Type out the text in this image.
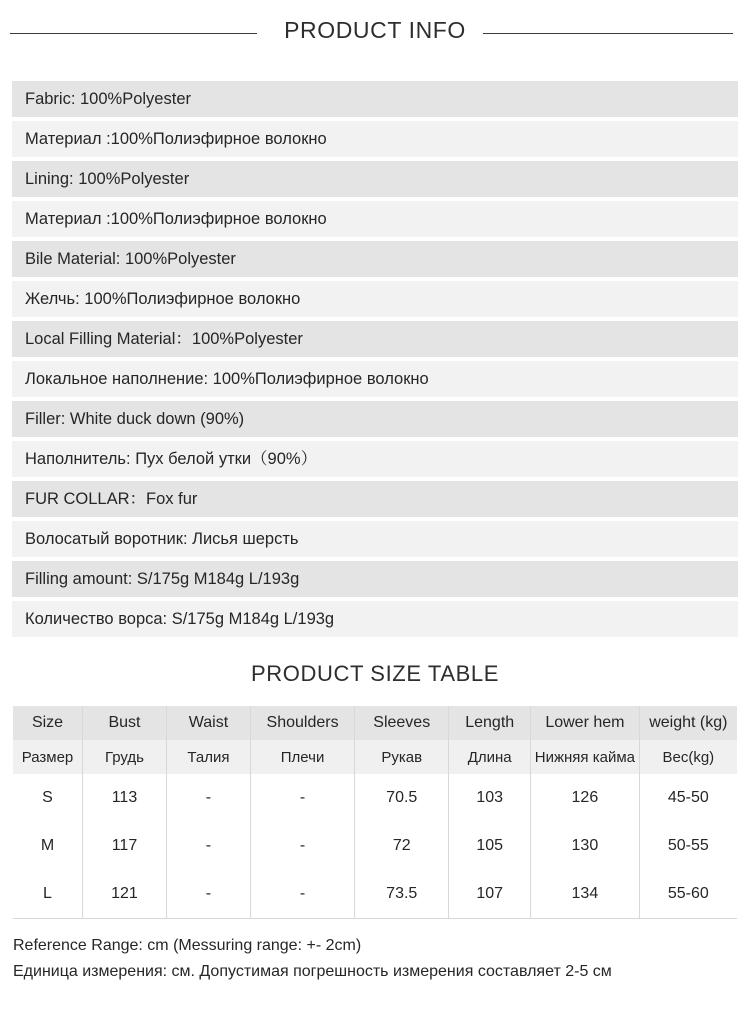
PRODUCT INFO
Fabric: 100%Polyester
Материал :100%Полиэфирное волокно
Lining: 100%Polyester
Материал :100%Полиэфирное волокно
Bile Material: 100%Polyester
Желчь: 100%Полиэфирное волокно
Local Filling Material：100%Polyester
Локальное наполнение: 100%Полиэфирное волокно
Filler: White duck down (90%)
Наполнитель: Пух белой утки（90%）
FUR COLLAR：Fox fur
Волосатый воротник: Лисья шерсть
Filling amount: S/175g M184g L/193g
Количество ворса: S/175g M184g L/193g
PRODUCT SIZE TABLE
Size	Bust	Waist	Shoulders	Sleeves	Length	Lower hem	weight (kg)
Размер	Грудь	Талия	Плечи	Рукав	Длина	Нижняя кайма	Вес(kg)
S	113	-	-	70.5	103	126	45-50
M	117	-	-	72	105	130	50-55
L	121	-	-	73.5	107	134	55-60
Reference Range: cm (Messuring range: +- 2cm)
Единица измерения: см. Допустимая погрешность измерения составляет 2-5 см
